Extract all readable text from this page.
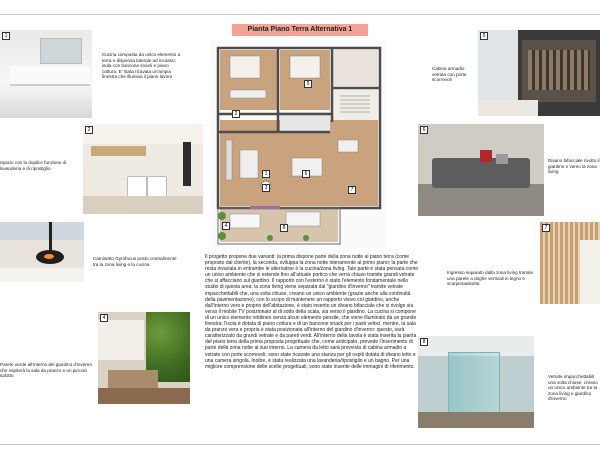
Pianta Piano Terra Alternativa 1
1
Cucina composta da unico elemento a terra e dispensa laterale ad incasso; isola con bancone snack e piano cottura. E' stata ricavata un'ampia finestra che illumina il piano lavoro
2
ripazio con la duplice funzione di lavanderia e di ripostiglio
Caminetto Gyrofocus posto centralmente tra la zona living e la cucina
4
Parete verde all'interno del giardino d'inverno che ospiterà la sala da pranzo e un piccolo salotto
1
2
3
4
5
6
7
8
Il progetto propone due varianti: la prima dispone parte della zona notte al piano terra (come proposto dal cliente), la seconda, sviluppa la zona notte interamente al primo piano; la parte che resta invariata in entrambe le alternative è la cucina/zona living. Tale parte è stata pensata come un unico ambiente che si estende fino all'attuale portico che verrà chiuso tramite grandi vetrate che si affacciano sul giardino. Il rapporto con l'esterno è stato l'elemento fondamentale nello studio di questa area: la zona living viene separata dal "giardino d'inverno" tramite vetrate impacchettabili che, una volta chiuse, creano un unico ambiente (grazie anche alla continuità della pavimentazione); con lo scopo di mantenere un rapporto visivo col giardino, anche dall'interno vero e proprio dell'abitazione, è stato inserito un divano bifacciale che si rivolge sia verso il mobile TV posizionato al di sotto della scala, sia verso il giardino. La cucina si compone di un unico elemento rettilineo senza alcun elemento pensile, che viene illuminato da un grande finestra; l'isola è dotata di piano cottura e di un bancone snack per i pasti veloci, mentre, la sala da pranzo vera e propria è stata posizionata all'interno del giardino d'inverno: questo, sarà caratterizzato da grandi vetrate e da pareti verdi. All'interno della tavola è stata inserita la pianta del piano terra della prima proposta progettuale che, come anticipato, prevede l'inserimento di parte della zona notte al suo interno. La camera da letto sarà provvista di cabina armadio a vetrate con porte scorrevoli; sono state ricavate una stanza per gli ospiti dotata di divano letto e una camera singola. Inoltre, è stata realizzata una lavanderia/ripostiglio e un bagno. Per una migliore comprensione delle scelte progettuali, sono state inserite delle immagini di riferimento.
5
Cabina armadio vetrata con porte scorrevoli
6
Divano bifacciale rivolto il giardino e verso la zona living
7
Ingresso separato dalla zona living tramite una parete a doghe verticali in legno e scarpieraalsotta
8
Vetrate impacchettabili: una volta chiuse, creano un unico ambiente tra la zona living e giardino d'inverno
